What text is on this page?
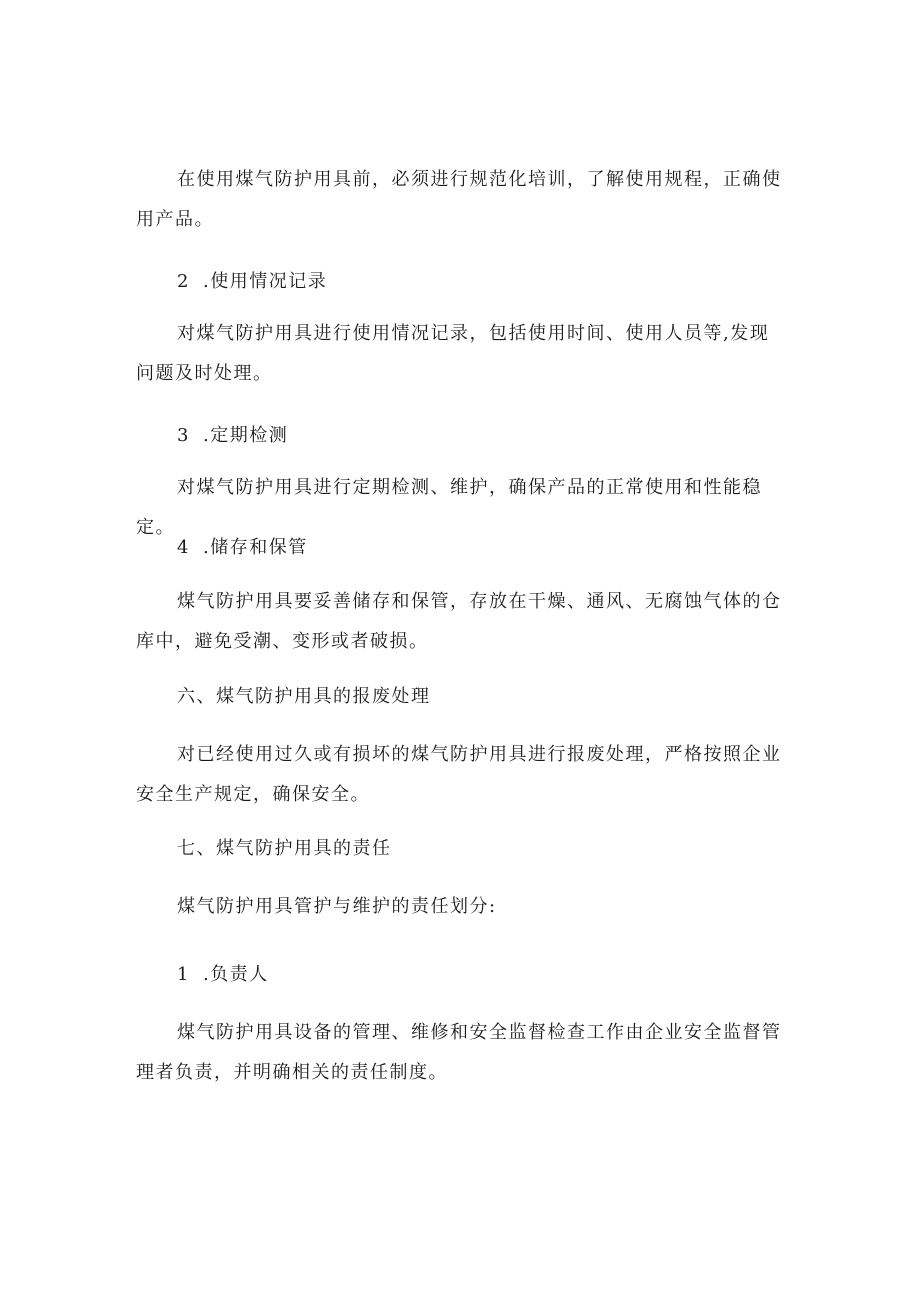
在使用煤气防护用具前，必须进行规范化培训，了解使用规程，正确使用产品。

2 .使用情况记录

对煤气防护用具进行使用情况记录，包括使用时间、使用人员等,发现问题及时处理。

3 .定期检测

对煤气防护用具进行定期检测、维护，确保产品的正常使用和性能稳定。

4 .储存和保管

煤气防护用具要妥善储存和保管，存放在干燥、通风、无腐蚀气体的仓库中，避免受潮、变形或者破损。

六、煤气防护用具的报废处理

对已经使用过久或有损坏的煤气防护用具进行报废处理，严格按照企业安全生产规定，确保安全。

七、煤气防护用具的责任

煤气防护用具管护与维护的责任划分:

1 .负责人

煤气防护用具设备的管理、维修和安全监督检查工作由企业安全监督管理者负责，并明确相关的责任制度。
